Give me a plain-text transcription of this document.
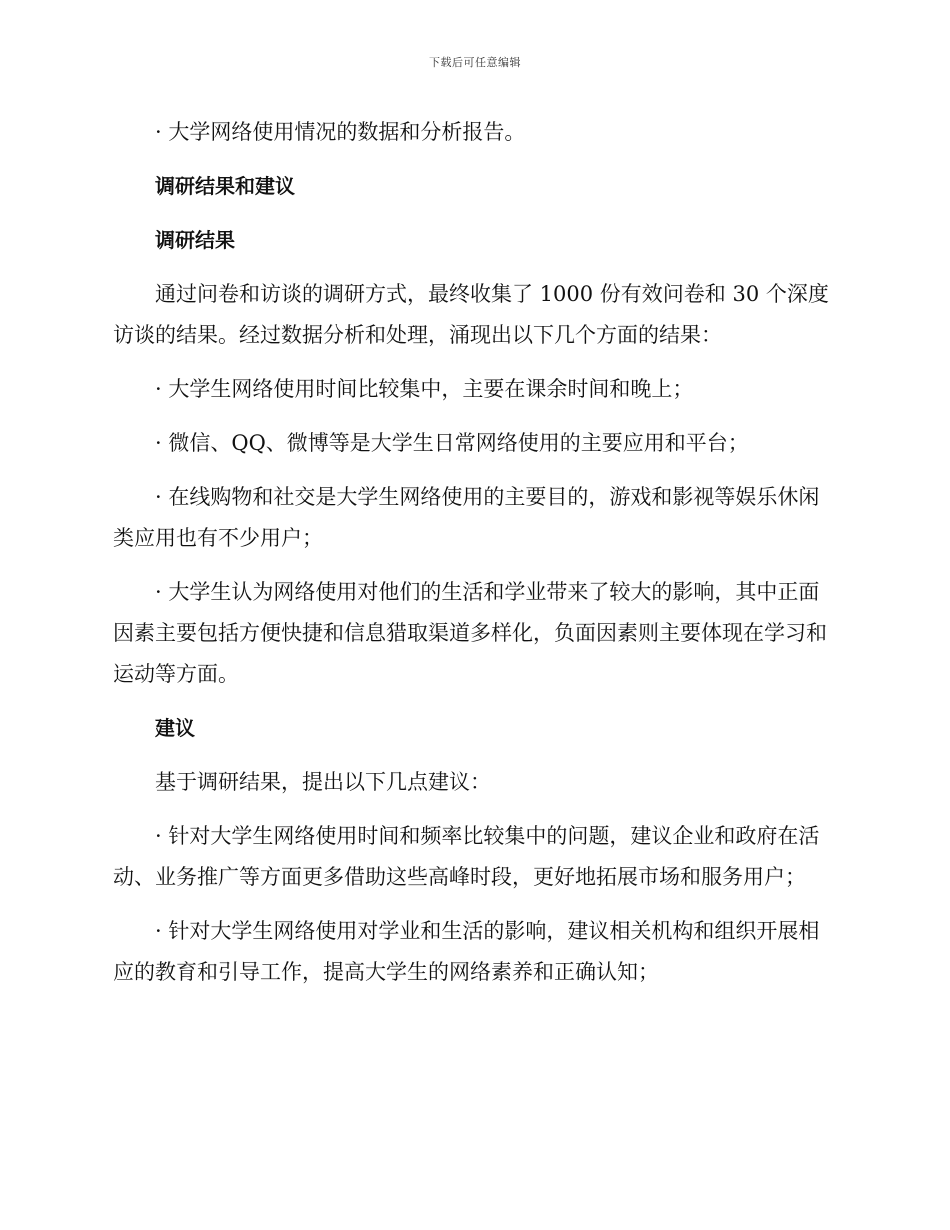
下载后可任意编辑

· 大学网络使用情况的数据和分析报告。

调研结果和建议

调研结果

通过问卷和访谈的调研方式，最终收集了 1000 份有效问卷和 30 个深度访谈的结果。经过数据分析和处理，涌现出以下几个方面的结果：

· 大学生网络使用时间比较集中，主要在课余时间和晚上；

· 微信、QQ、微博等是大学生日常网络使用的主要应用和平台；

· 在线购物和社交是大学生网络使用的主要目的，游戏和影视等娱乐休闲类应用也有不少用户；

· 大学生认为网络使用对他们的生活和学业带来了较大的影响，其中正面因素主要包括方便快捷和信息猎取渠道多样化，负面因素则主要体现在学习和运动等方面。

建议

基于调研结果，提出以下几点建议：

· 针对大学生网络使用时间和频率比较集中的问题，建议企业和政府在活动、业务推广等方面更多借助这些高峰时段，更好地拓展市场和服务用户；

· 针对大学生网络使用对学业和生活的影响，建议相关机构和组织开展相应的教育和引导工作，提高大学生的网络素养和正确认知；
